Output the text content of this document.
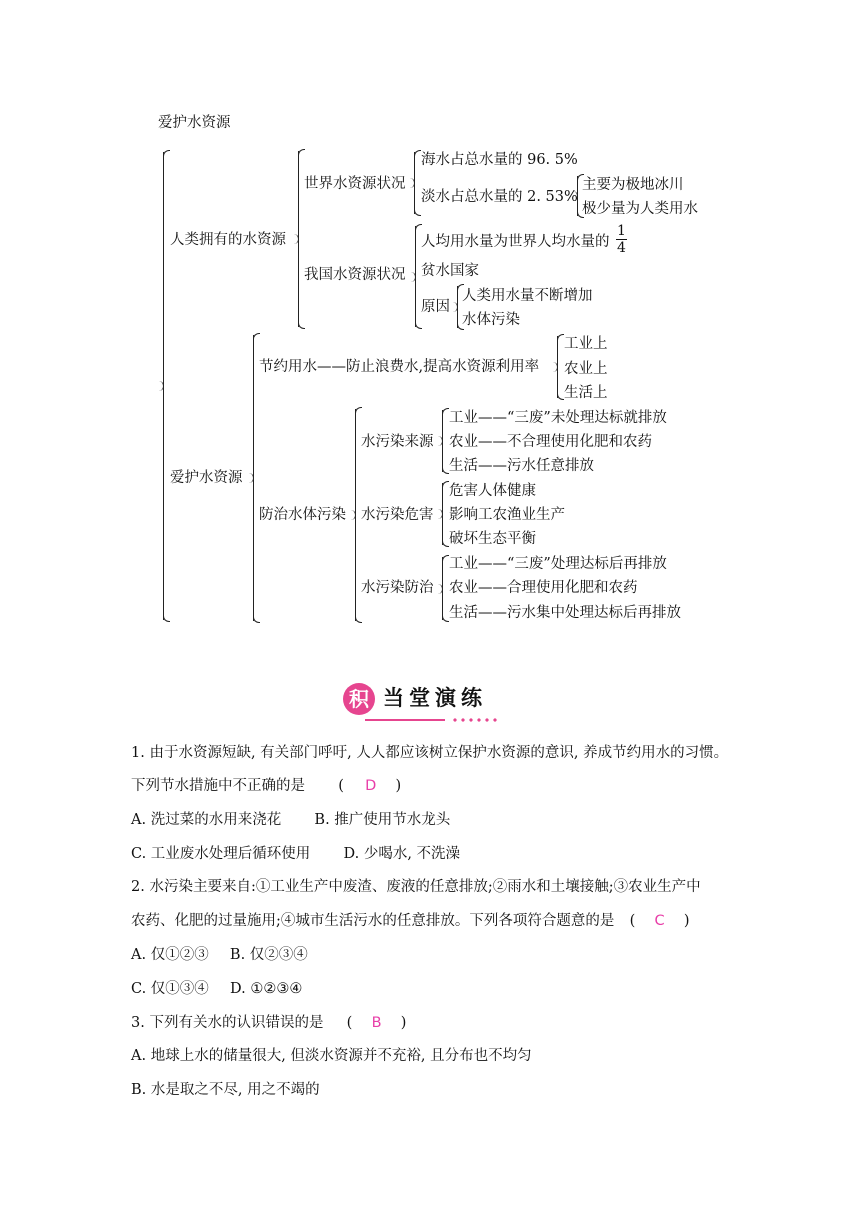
爱护水资源
人类拥有的水资源
世界水资源状况
海水占总水量的 96. 5%
淡水占总水量的 2. 53%
主要为极地冰川
极少量为人类用水
我国水资源状况
人均用水量为世界人均水量的 $\frac{1}{4}$
贫水国家
原因
人类用水量不断增加
水体污染
爱护水资源
节约用水——防止浪费水,提高水资源利用率
工业上
农业上
生活上
防治水体污染
水污染来源
工业——“三废”未处理达标就排放
农业——不合理使用化肥和农药
生活——污水任意排放
水污染危害
危害人体健康
影响工农渔业生产
破坏生态平衡
水污染防治
工业——“三废”处理达标后再排放
农业——合理使用化肥和农药
生活——污水集中处理达标后再排放
积 当堂演练
1. 由于水资源短缺, 有关部门呼吁, 人人都应该树立保护水资源的意识, 养成节约用水的习惯。
下列节水措施中不正确的是 ( D )
A. 洗过菜的水用来浇花 B. 推广使用节水龙头
C. 工业废水处理后循环使用 D. 少喝水, 不洗澡
2. 水污染主要来自:①工业生产中废渣、废液的任意排放;②雨水和土壤接触;③农业生产中
农药、化肥的过量施用;④城市生活污水的任意排放。下列各项符合题意的是 ( C )
A. 仅①②③ B. 仅②③④
C. 仅①③④ D. ①②③④
3. 下列有关水的认识错误的是 ( B )
A. 地球上水的储量很大, 但淡水资源并不充裕, 且分布也不均匀
B. 水是取之不尽, 用之不竭的
